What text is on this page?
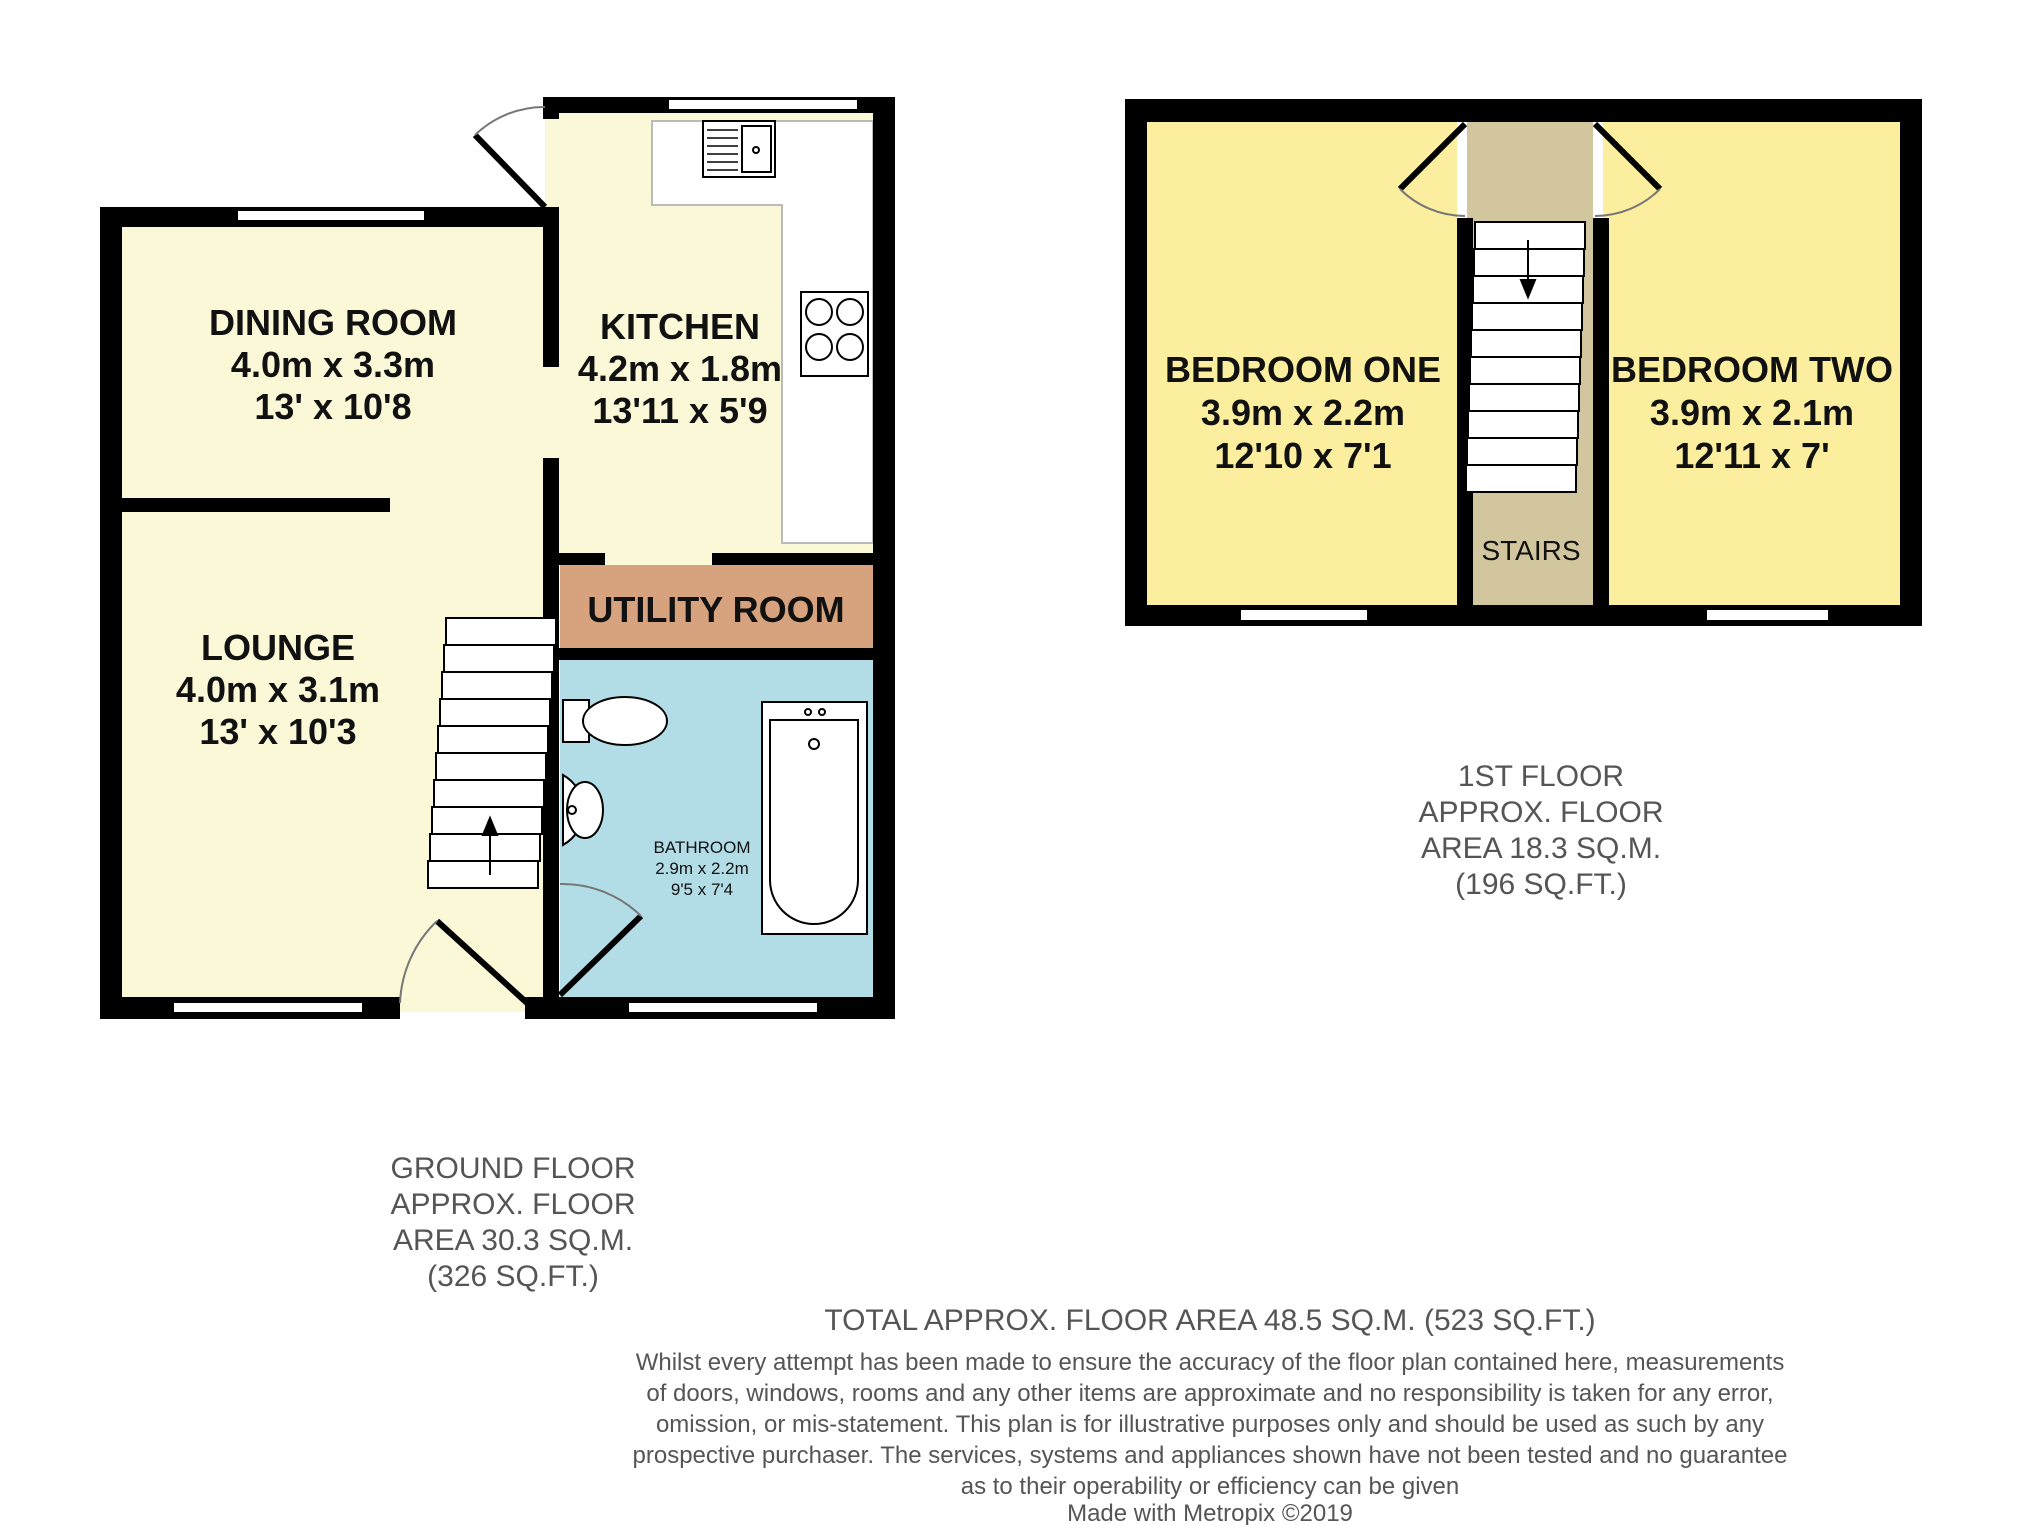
DINING ROOM
4.0m x 3.3m
13' x 10'8
KITCHEN
4.2m x 1.8m
13'11 x 5'9
UTILITY ROOM
LOUNGE
4.0m x 3.1m
13' x 10'3
BATHROOM
2.9m x 2.2m
9'5 x 7'4
BEDROOM ONE
3.9m x 2.2m
12'10 x 7'1
BEDROOM TWO
3.9m x 2.1m
12'11 x 7'
STAIRS
1ST FLOOR
APPROX. FLOOR
AREA 18.3 SQ.M.
(196 SQ.FT.)
GROUND FLOOR
APPROX. FLOOR
AREA 30.3 SQ.M.
(326 SQ.FT.)
TOTAL APPROX. FLOOR AREA 48.5 SQ.M. (523 SQ.FT.)
Whilst every attempt has been made to ensure the accuracy of the floor plan contained here, measurements
of doors, windows, rooms and any other items are approximate and no responsibility is taken for any error,
omission, or mis-statement. This plan is for illustrative purposes only and should be used as such by any
prospective purchaser. The services, systems and appliances shown have not been tested and no guarantee
as to their operability or efficiency can be given
Made with Metropix ©2019
